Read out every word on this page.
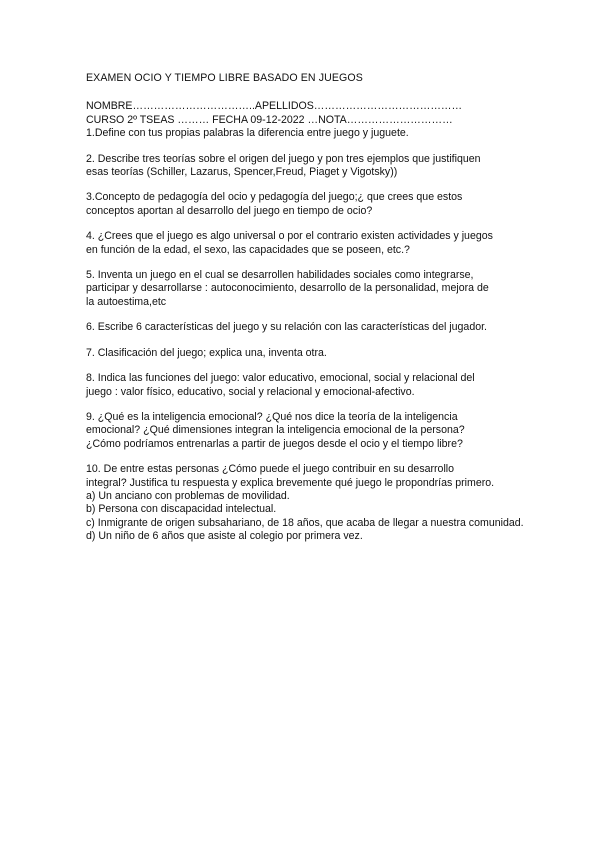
EXAMEN OCIO Y TIEMPO LIBRE BASADO EN JUEGOS

NOMBRE……………………………..APELLIDOS……………………………………

CURSO 2º TSEAS ……… FECHA 09-12-2022 …NOTA…………………………

1.Define con tus propias palabras la diferencia entre juego y juguete.

2. Describe tres teorías sobre el origen del juego y pon tres ejemplos que justifiquen

esas teorías (Schiller, Lazarus, Spencer,Freud, Piaget y Vigotsky))

3.Concepto de pedagogía del ocio y pedagogía del juego;¿ que crees que estos

conceptos aportan al desarrollo del juego en tiempo de ocio?

4. ¿Crees que el juego es algo universal o por el contrario existen actividades y juegos

en función de la edad, el sexo, las capacidades que se poseen, etc.?

5. Inventa un juego en el cual se desarrollen habilidades sociales como integrarse,

participar y desarrollarse : autoconocimiento, desarrollo de la personalidad, mejora de

la autoestima,etc

6. Escribe 6 características del juego y su relación con las características del jugador.

7. Clasificación del juego; explica una, inventa otra.

8. Indica las funciones del juego: valor educativo, emocional, social y relacional del

juego : valor físico, educativo, social y relacional y emocional-afectivo.

9. ¿Qué es la inteligencia emocional? ¿Qué nos dice la teoría de la inteligencia

emocional? ¿Qué dimensiones integran la inteligencia emocional de la persona?

¿Cómo podríamos entrenarlas a partir de juegos desde el ocio y el tiempo libre?

10. De entre estas personas ¿Cómo puede el juego contribuir en su desarrollo

integral? Justifica tu respuesta y explica brevemente qué juego le propondrías primero.

a) Un anciano con problemas de movilidad.

b) Persona con discapacidad intelectual.

c) Inmigrante de origen subsahariano, de 18 años, que acaba de llegar a nuestra comunidad.

d) Un niño de 6 años que asiste al colegio por primera vez.
